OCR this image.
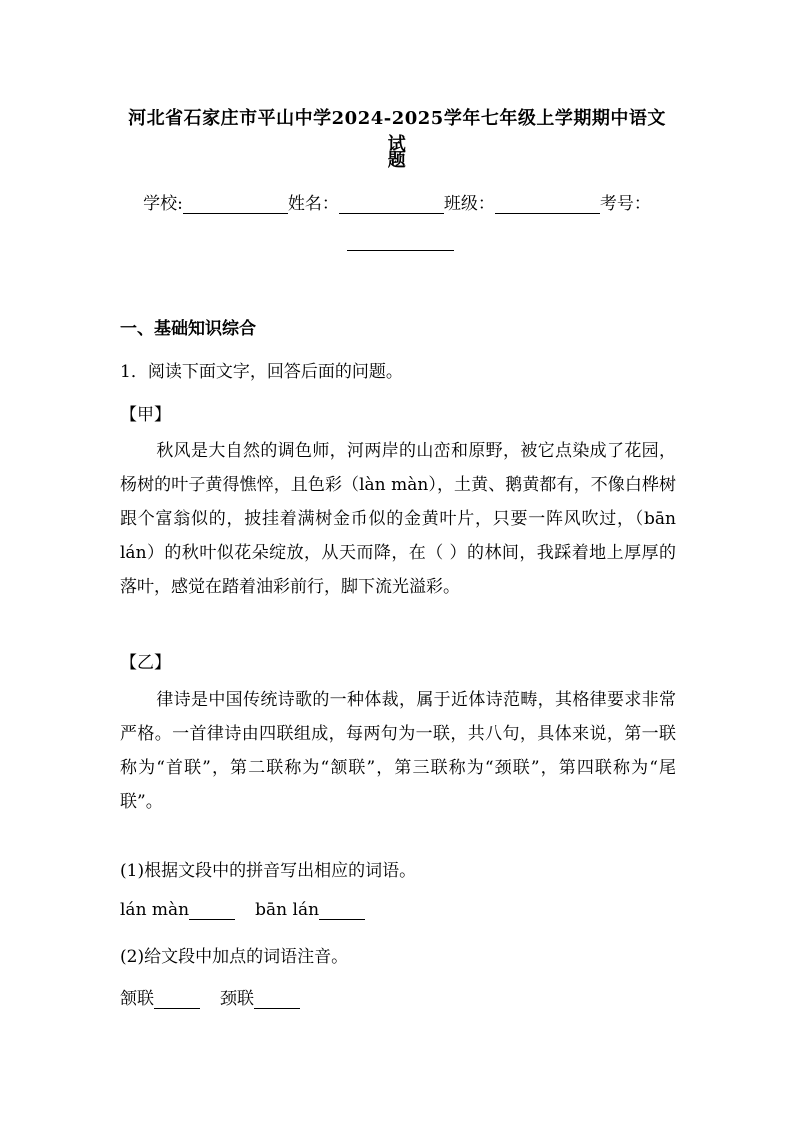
河北省石家庄市平山中学2024-2025学年七年级上学期期中语文试
题
学校:	姓名：	班级：	考号：
一、基础知识综合
1．阅读下面文字，回答后面的问题。
【甲】
秋风是大自然的调色师，河两岸的山峦和原野，被它点染成了花园，杨树的叶子黄得憔悴，且色彩（làn màn），土黄、鹅黄都有，不像白桦树跟个富翁似的，披挂着满树金币似的金黄叶片，只要一阵风吹过，（bān lán）的秋叶似花朵绽放，从天而降，在（ ）的林间，我踩着地上厚厚的落叶，感觉在踏着油彩前行，脚下流光溢彩。
【乙】
律诗是中国传统诗歌的一种体裁，属于近体诗范畴，其格律要求非常严格。一首律诗由四联组成，每两句为一联，共八句，具体来说，第一联称为“首联”，第二联称为“颔联”，第三联称为“颈联”，第四联称为“尾联”。
(1)根据文段中的拼音写出相应的词语。
lán màn	bān lán
(2)给文段中加点的词语注音。
颔联	颈联
